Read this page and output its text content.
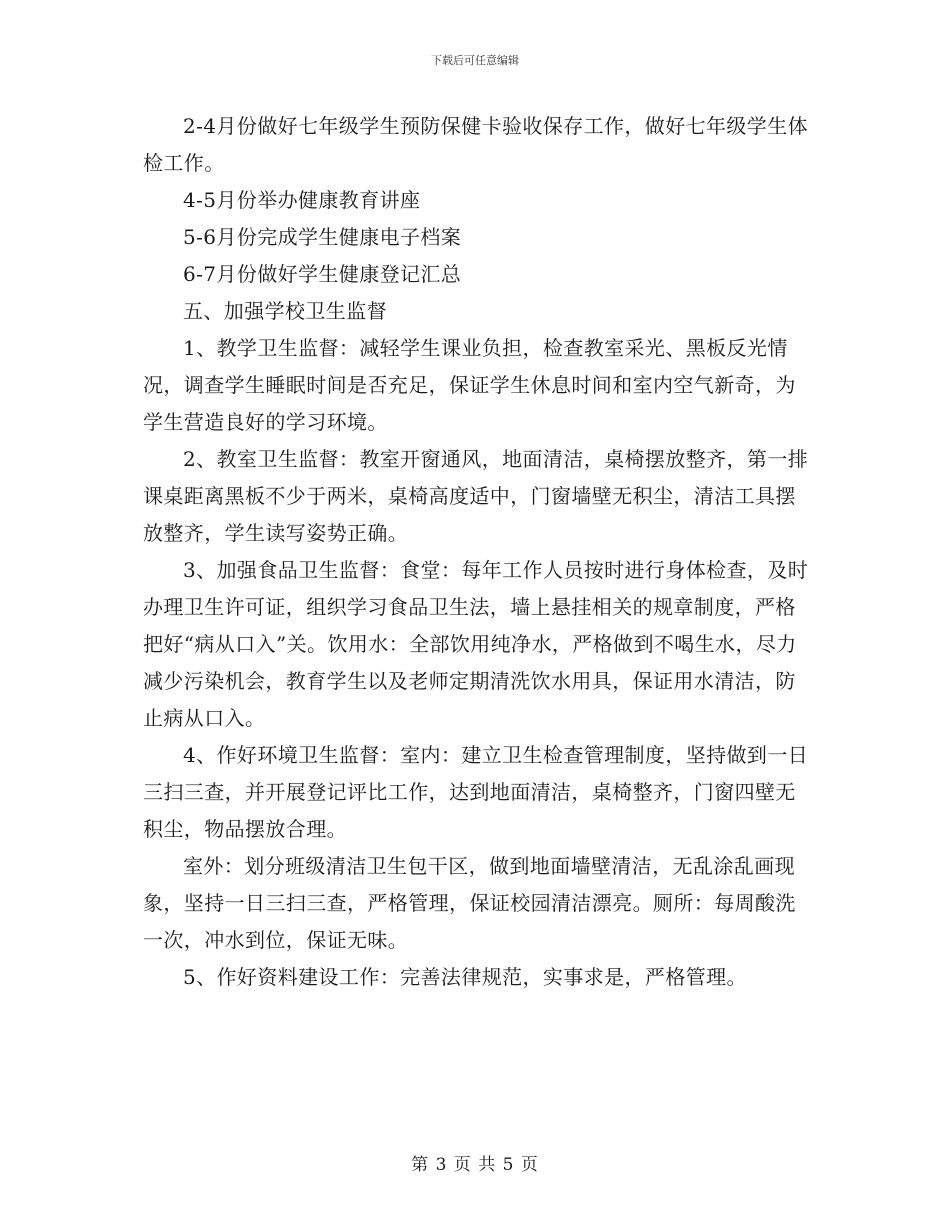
下载后可任意编辑

2-4月份做好七年级学生预防保健卡验收保存工作，做好七年级学生体检工作。

4-5月份举办健康教育讲座

5-6月份完成学生健康电子档案

6-7月份做好学生健康登记汇总

五、加强学校卫生监督

1、教学卫生监督：减轻学生课业负担，检查教室采光、黑板反光情况，调查学生睡眠时间是否充足，保证学生休息时间和室内空气新奇，为学生营造良好的学习环境。

2、教室卫生监督：教室开窗通风，地面清洁，桌椅摆放整齐，第一排课桌距离黑板不少于两米，桌椅高度适中，门窗墙壁无积尘，清洁工具摆放整齐，学生读写姿势正确。

3、加强食品卫生监督：食堂：每年工作人员按时进行身体检查，及时办理卫生许可证，组织学习食品卫生法，墙上悬挂相关的规章制度，严格把好“病从口入”关。饮用水：全部饮用纯净水，严格做到不喝生水，尽力减少污染机会，教育学生以及老师定期清洗饮水用具，保证用水清洁，防止病从口入。

4、作好环境卫生监督：室内：建立卫生检查管理制度，坚持做到一日三扫三查，并开展登记评比工作，达到地面清洁，桌椅整齐，门窗四壁无积尘，物品摆放合理。

室外：划分班级清洁卫生包干区，做到地面墙壁清洁，无乱涂乱画现象，坚持一日三扫三查，严格管理，保证校园清洁漂亮。厕所：每周酸洗一次，冲水到位，保证无味。

5、作好资料建设工作：完善法律规范，实事求是，严格管理。

第 3 页 共 5 页
